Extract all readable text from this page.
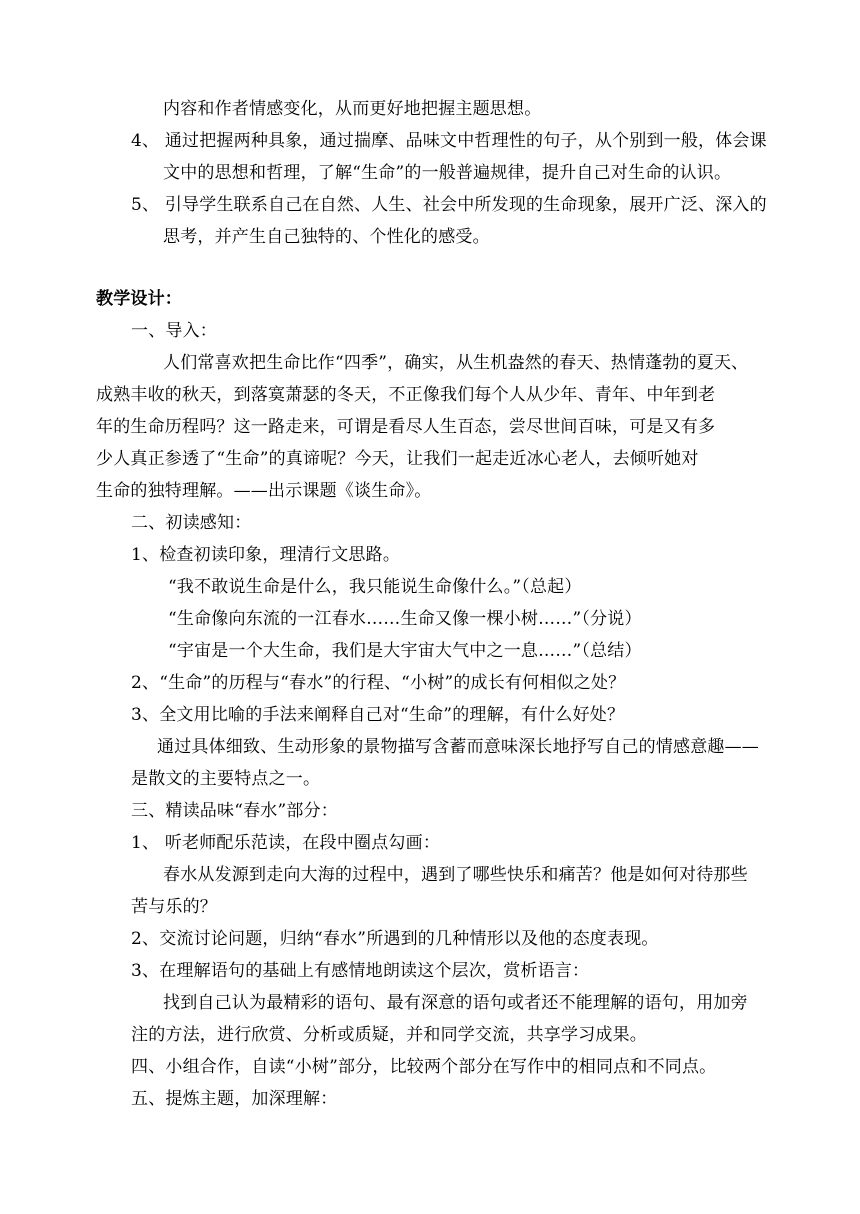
内容和作者情感变化，从而更好地把握主题思想。
4、 通过把握两种具象，通过揣摩、品味文中哲理性的句子，从个别到一般，体会课
文中的思想和哲理，了解“生命”的一般普遍规律，提升自己对生命的认识。
5、 引导学生联系自己在自然、人生、社会中所发现的生命现象，展开广泛、深入的
思考，并产生自己独特的、个性化的感受。
教学设计：
一、导入：
人们常喜欢把生命比作“四季”，确实，从生机盎然的春天、热情蓬勃的夏天、
成熟丰收的秋天，到落寞萧瑟的冬天，不正像我们每个人从少年、青年、中年到老
年的生命历程吗？这一路走来，可谓是看尽人生百态，尝尽世间百味，可是又有多
少人真正参透了“生命”的真谛呢？今天，让我们一起走近冰心老人，去倾听她对
生命的独特理解。——出示课题《谈生命》。
二、初读感知：
1、检查初读印象，理清行文思路。
“我不敢说生命是什么，我只能说生命像什么。”（总起）
“生命像向东流的一江春水……生命又像一棵小树……”（分说）
“宇宙是一个大生命，我们是大宇宙大气中之一息……”（总结）
2、“生命”的历程与“春水”的行程、“小树”的成长有何相似之处？
3、全文用比喻的手法来阐释自己对“生命”的理解，有什么好处？
通过具体细致、生动形象的景物描写含蓄而意味深长地抒写自己的情感意趣——
是散文的主要特点之一。
三、精读品味“春水”部分：
1、 听老师配乐范读，在段中圈点勾画：
春水从发源到走向大海的过程中，遇到了哪些快乐和痛苦？他是如何对待那些
苦与乐的？
2、交流讨论问题，归纳“春水”所遇到的几种情形以及他的态度表现。
3、在理解语句的基础上有感情地朗读这个层次，赏析语言：
找到自己认为最精彩的语句、最有深意的语句或者还不能理解的语句，用加旁
注的方法，进行欣赏、分析或质疑，并和同学交流，共享学习成果。
四、小组合作，自读“小树”部分，比较两个部分在写作中的相同点和不同点。
五、提炼主题，加深理解：
